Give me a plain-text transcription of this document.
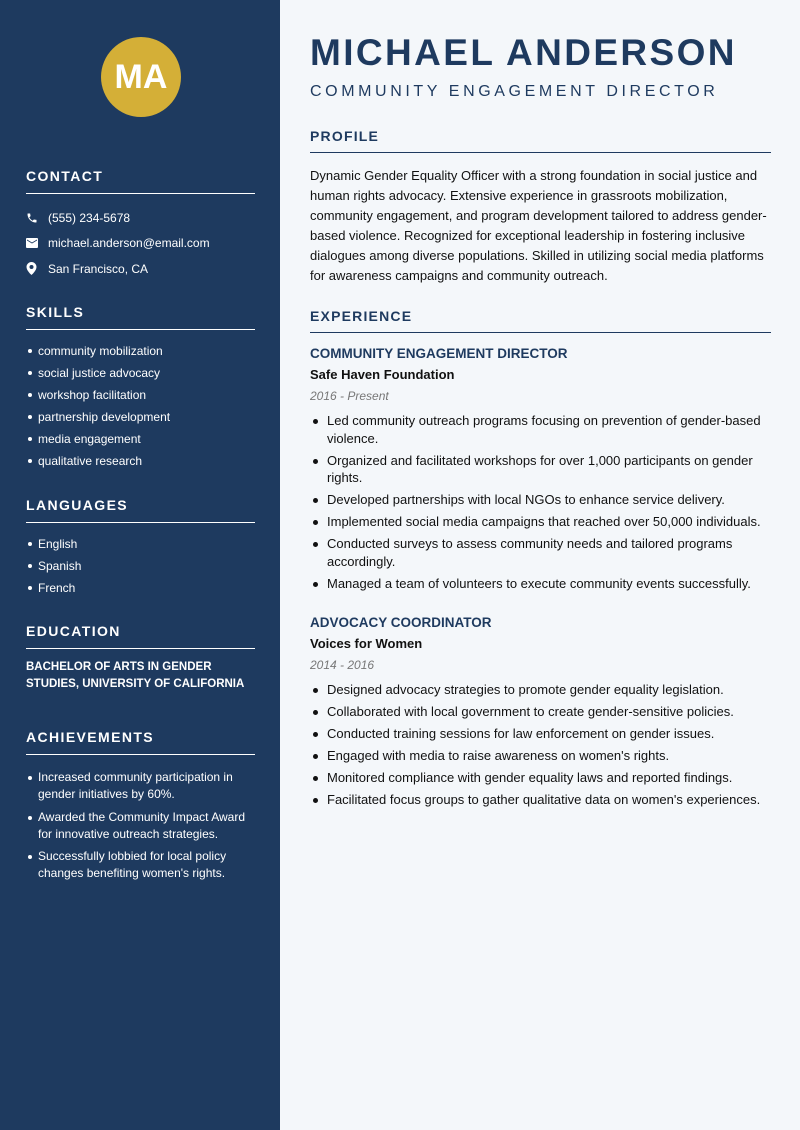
MA
CONTACT
(555) 234-5678
michael.anderson@email.com
San Francisco, CA
SKILLS
community mobilization
social justice advocacy
workshop facilitation
partnership development
media engagement
qualitative research
LANGUAGES
English
Spanish
French
EDUCATION
BACHELOR OF ARTS IN GENDER STUDIES, UNIVERSITY OF CALIFORNIA
ACHIEVEMENTS
Increased community participation in gender initiatives by 60%.
Awarded the Community Impact Award for innovative outreach strategies.
Successfully lobbied for local policy changes benefiting women's rights.
MICHAEL ANDERSON
COMMUNITY ENGAGEMENT DIRECTOR
PROFILE
Dynamic Gender Equality Officer with a strong foundation in social justice and human rights advocacy. Extensive experience in grassroots mobilization, community engagement, and program development tailored to address gender-based violence. Recognized for exceptional leadership in fostering inclusive dialogues among diverse populations. Skilled in utilizing social media platforms for awareness campaigns and community outreach.
EXPERIENCE
COMMUNITY ENGAGEMENT DIRECTOR
Safe Haven Foundation
2016 - Present
Led community outreach programs focusing on prevention of gender-based violence.
Organized and facilitated workshops for over 1,000 participants on gender rights.
Developed partnerships with local NGOs to enhance service delivery.
Implemented social media campaigns that reached over 50,000 individuals.
Conducted surveys to assess community needs and tailored programs accordingly.
Managed a team of volunteers to execute community events successfully.
ADVOCACY COORDINATOR
Voices for Women
2014 - 2016
Designed advocacy strategies to promote gender equality legislation.
Collaborated with local government to create gender-sensitive policies.
Conducted training sessions for law enforcement on gender issues.
Engaged with media to raise awareness on women's rights.
Monitored compliance with gender equality laws and reported findings.
Facilitated focus groups to gather qualitative data on women's experiences.
